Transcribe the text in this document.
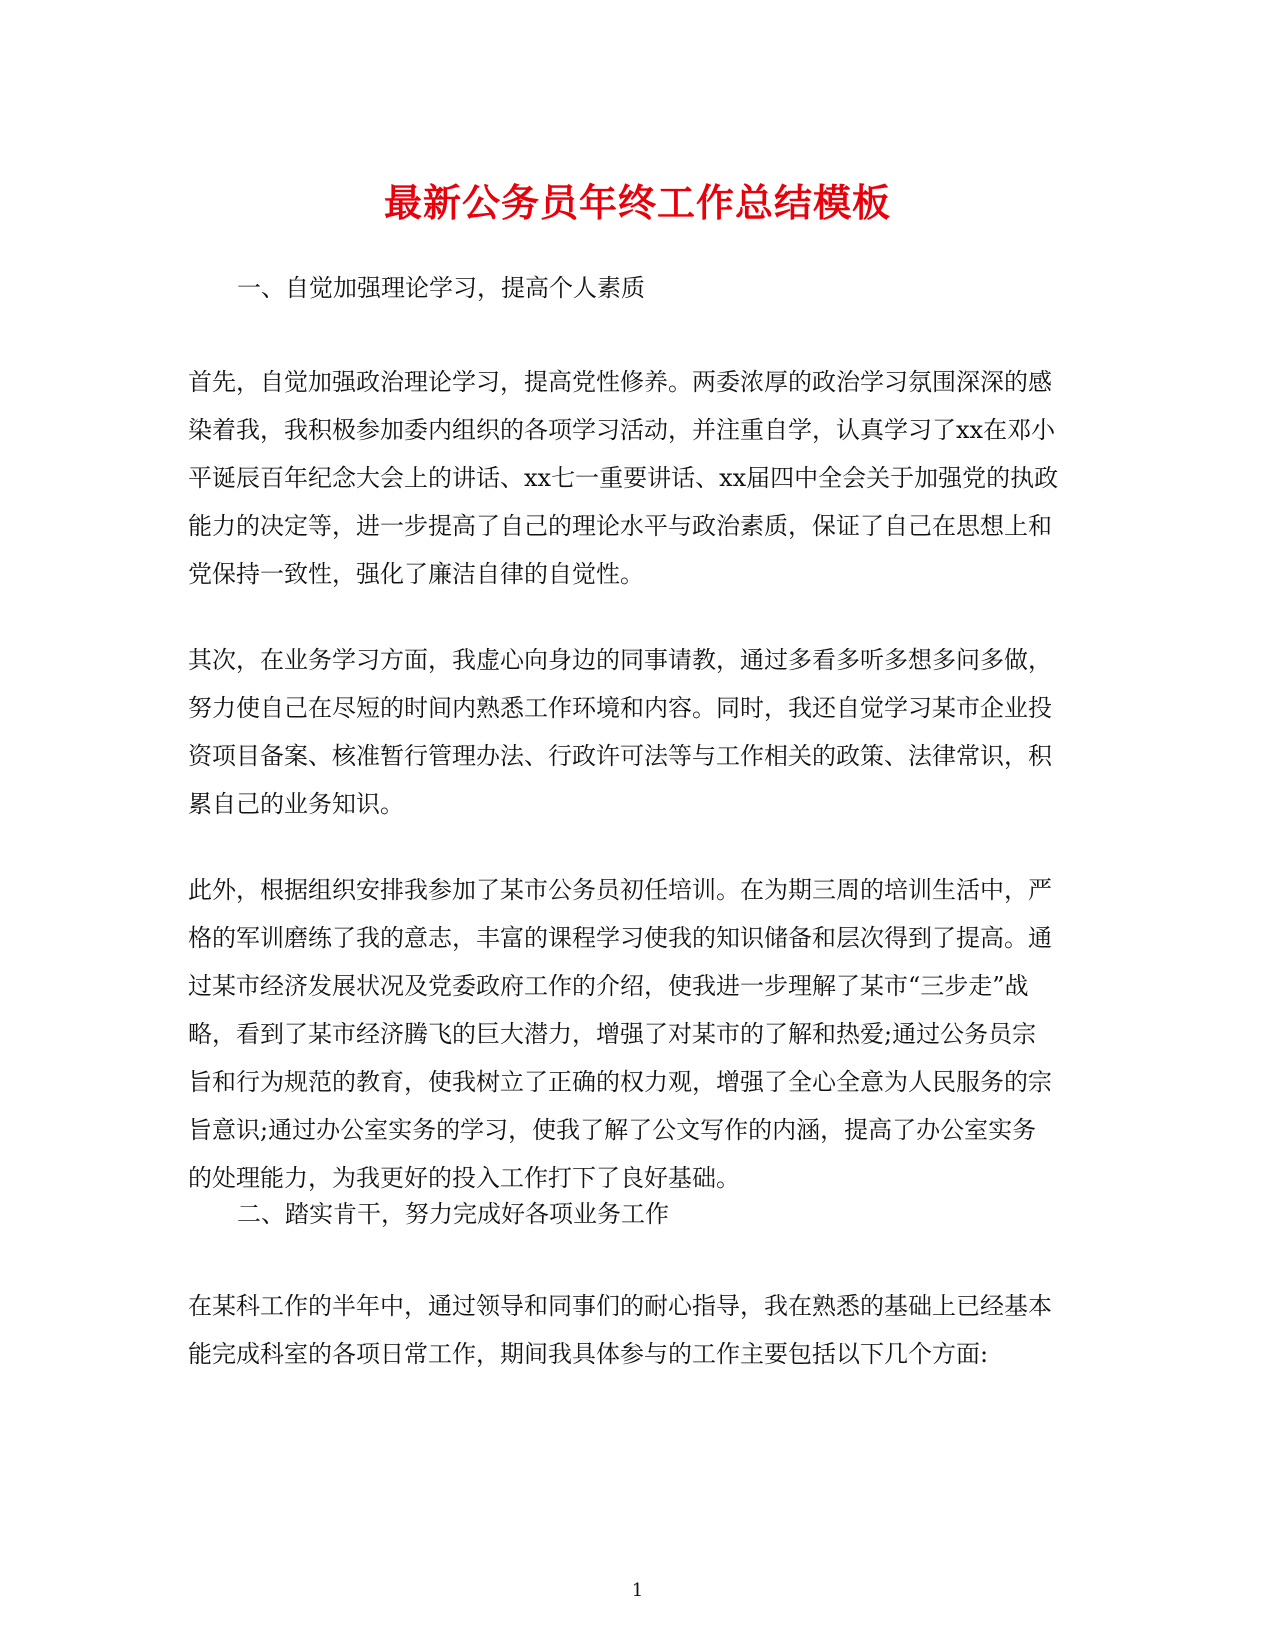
最新公务员年终工作总结模板
一、自觉加强理论学习，提高个人素质
首先，自觉加强政治理论学习，提高党性修养。两委浓厚的政治学习氛围深深的感
染着我，我积极参加委内组织的各项学习活动，并注重自学，认真学习了xx在邓小
平诞辰百年纪念大会上的讲话、xx七一重要讲话、xx届四中全会关于加强党的执政
能力的决定等，进一步提高了自己的理论水平与政治素质，保证了自己在思想上和
党保持一致性，强化了廉洁自律的自觉性。
其次，在业务学习方面，我虚心向身边的同事请教，通过多看多听多想多问多做，
努力使自己在尽短的时间内熟悉工作环境和内容。同时，我还自觉学习某市企业投
资项目备案、核准暂行管理办法、行政许可法等与工作相关的政策、法律常识，积
累自己的业务知识。
此外，根据组织安排我参加了某市公务员初任培训。在为期三周的培训生活中，严
格的军训磨练了我的意志，丰富的课程学习使我的知识储备和层次得到了提高。通
过某市经济发展状况及党委政府工作的介绍，使我进一步理解了某市“三步走”战
略，看到了某市经济腾飞的巨大潜力，增强了对某市的了解和热爱;通过公务员宗
旨和行为规范的教育，使我树立了正确的权力观，增强了全心全意为人民服务的宗
旨意识;通过办公室实务的学习，使我了解了公文写作的内涵，提高了办公室实务
的处理能力，为我更好的投入工作打下了良好基础。
二、踏实肯干，努力完成好各项业务工作
在某科工作的半年中，通过领导和同事们的耐心指导，我在熟悉的基础上已经基本
能完成科室的各项日常工作，期间我具体参与的工作主要包括以下几个方面:
1
